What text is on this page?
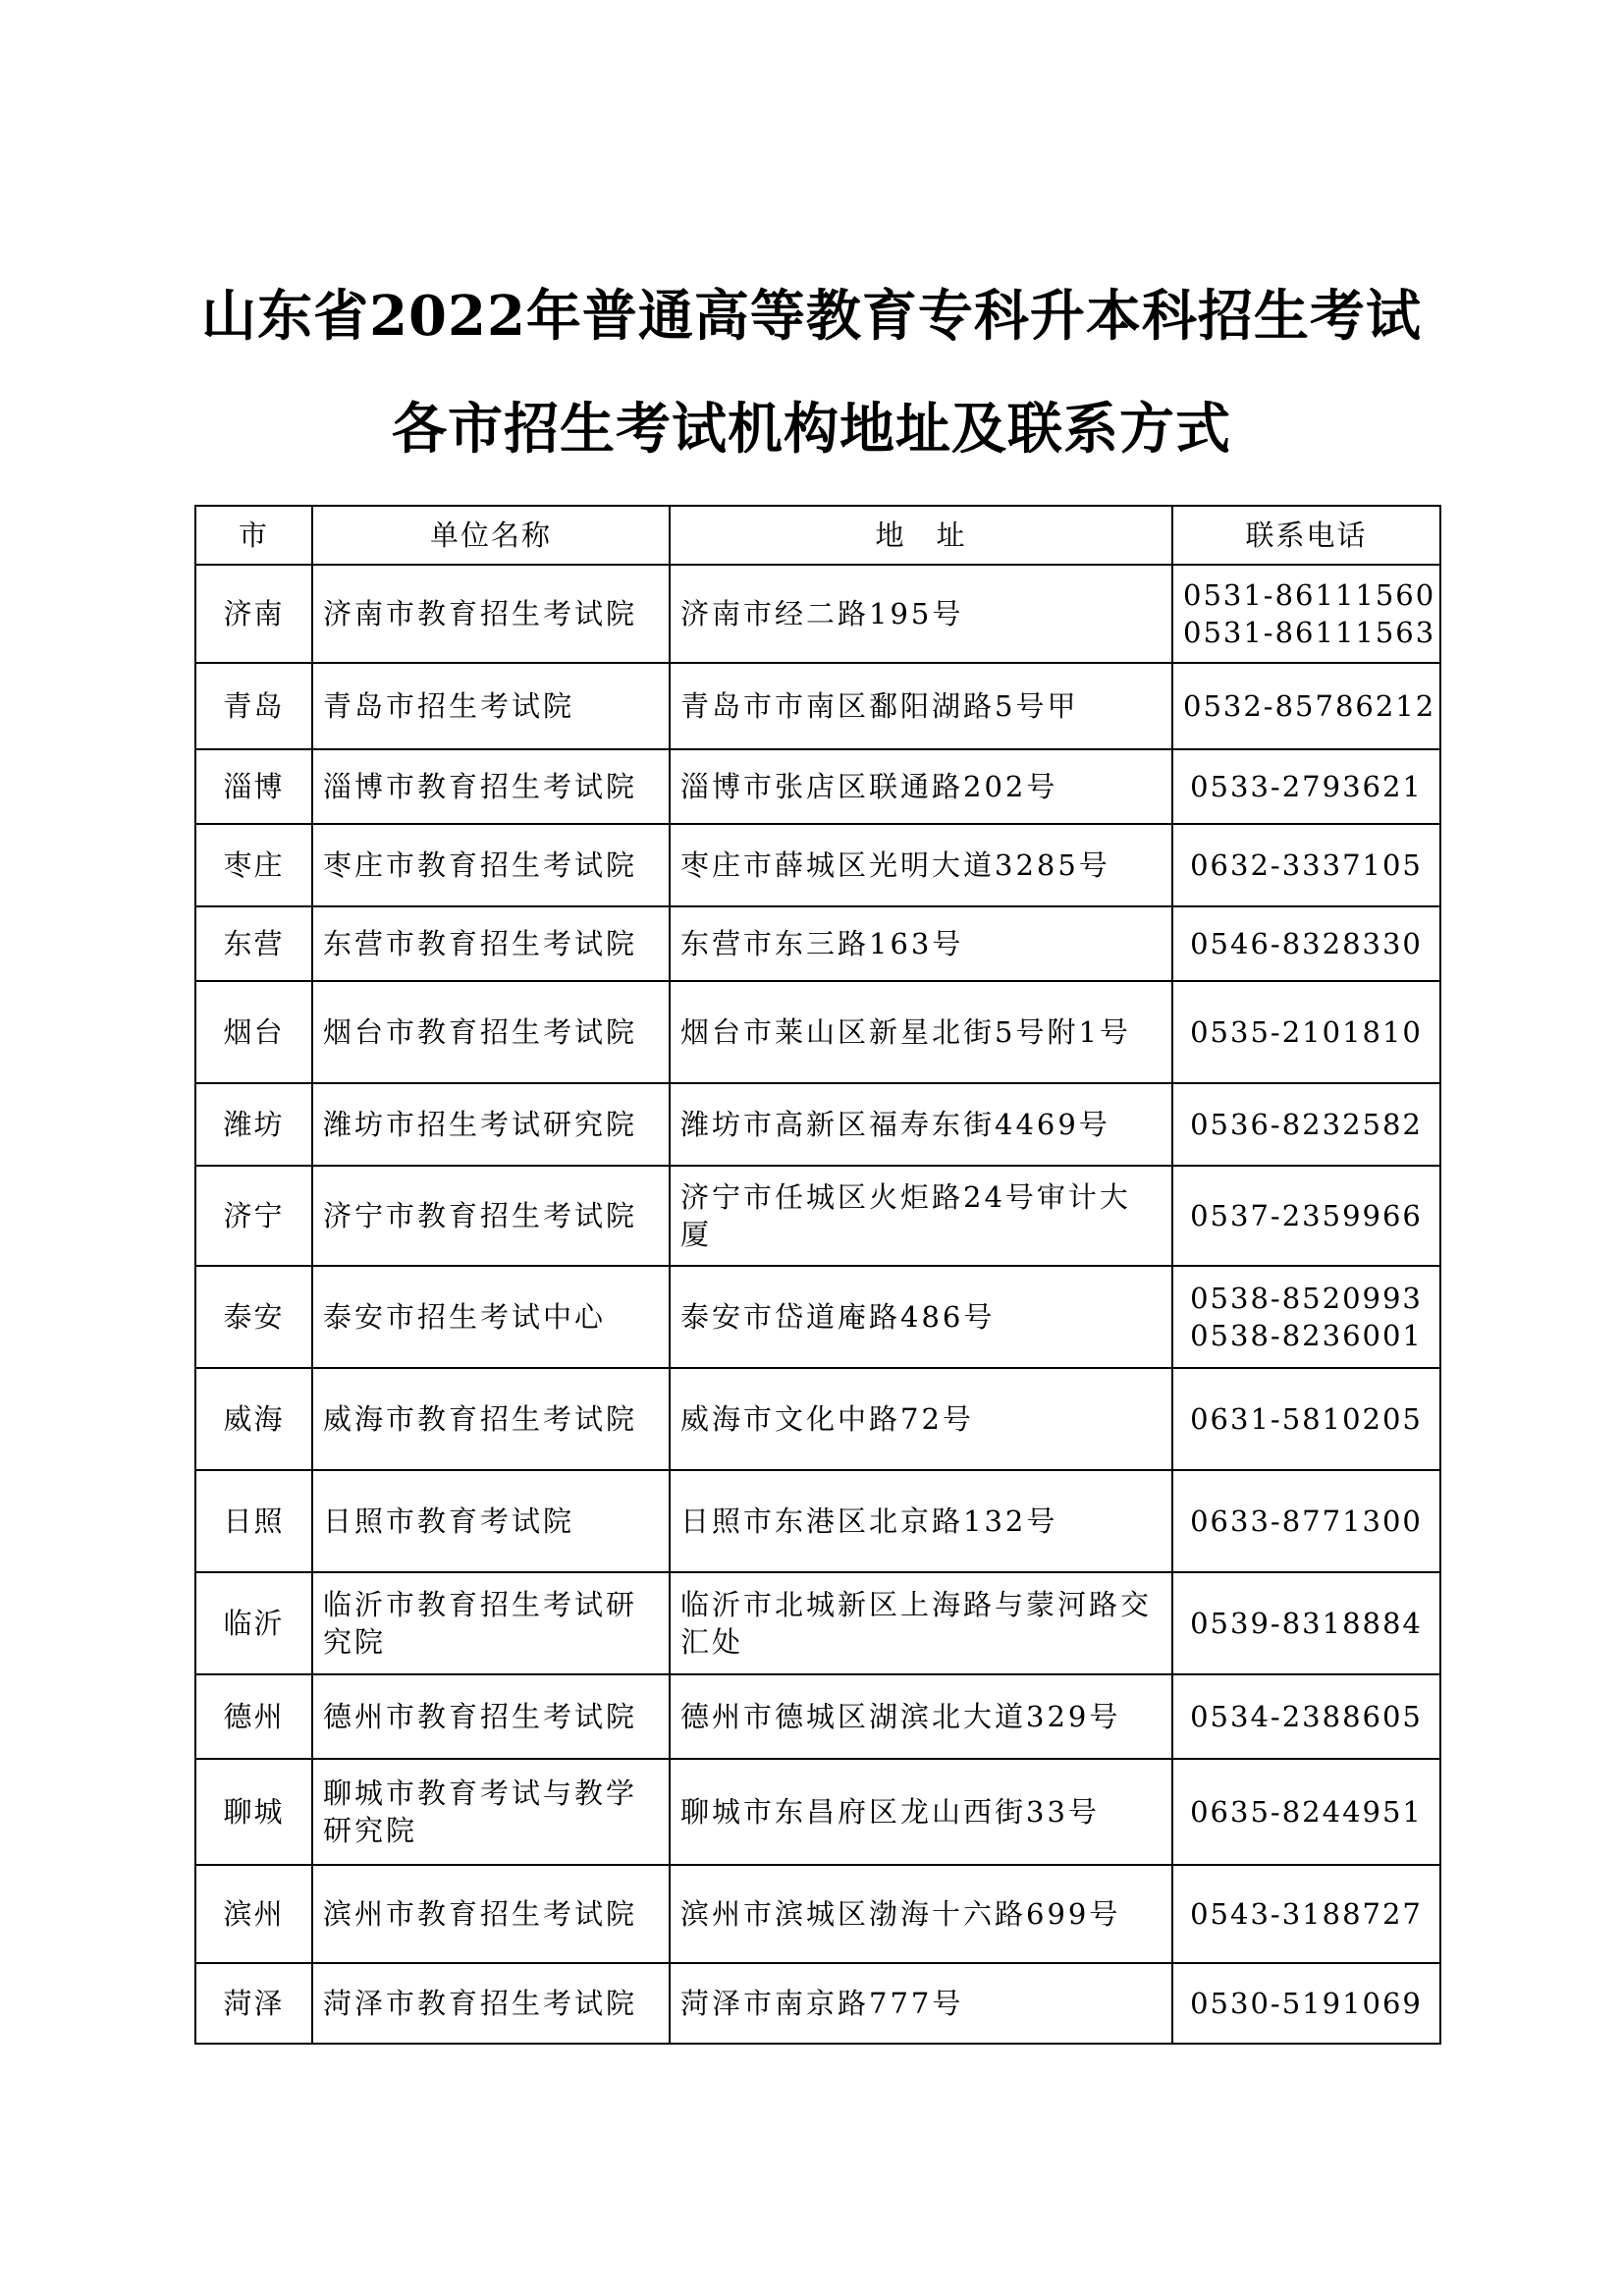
山东省2022年普通高等教育专科升本科招生考试
各市招生考试机构地址及联系方式
市	单位名称	地　址	联系电话
济南	济南市教育招生考试院	济南市经二路195号	0531-86111560
0531-86111563

青岛	青岛市招生考试院	青岛市市南区鄱阳湖路5号甲	0532-85786212

淄博	淄博市教育招生考试院	淄博市张店区联通路202号	0533-2793621

枣庄	枣庄市教育招生考试院	枣庄市薛城区光明大道3285号	0632-3337105

东营	东营市教育招生考试院	东营市东三路163号	0546-8328330

烟台	烟台市教育招生考试院	烟台市莱山区新星北街5号附1号	0535-2101810

潍坊	潍坊市招生考试研究院	潍坊市高新区福寿东街4469号	0536-8232582

济宁	济宁市教育招生考试院	济宁市任城区火炬路24号审计大厦	0537-2359966

泰安	泰安市招生考试中心	泰安市岱道庵路486号	0538-8520993
0538-8236001

威海	威海市教育招生考试院	威海市文化中路72号	0631-5810205

日照	日照市教育考试院	日照市东港区北京路132号	0633-8771300

临沂	临沂市教育招生考试研究院	临沂市北城新区上海路与蒙河路交汇处	0539-8318884

德州	德州市教育招生考试院	德州市德城区湖滨北大道329号	0534-2388605

聊城	聊城市教育考试与教学研究院	聊城市东昌府区龙山西街33号	0635-8244951

滨州	滨州市教育招生考试院	滨州市滨城区渤海十六路699号	0543-3188727

菏泽	菏泽市教育招生考试院	菏泽市南京路777号	0530-5191069
